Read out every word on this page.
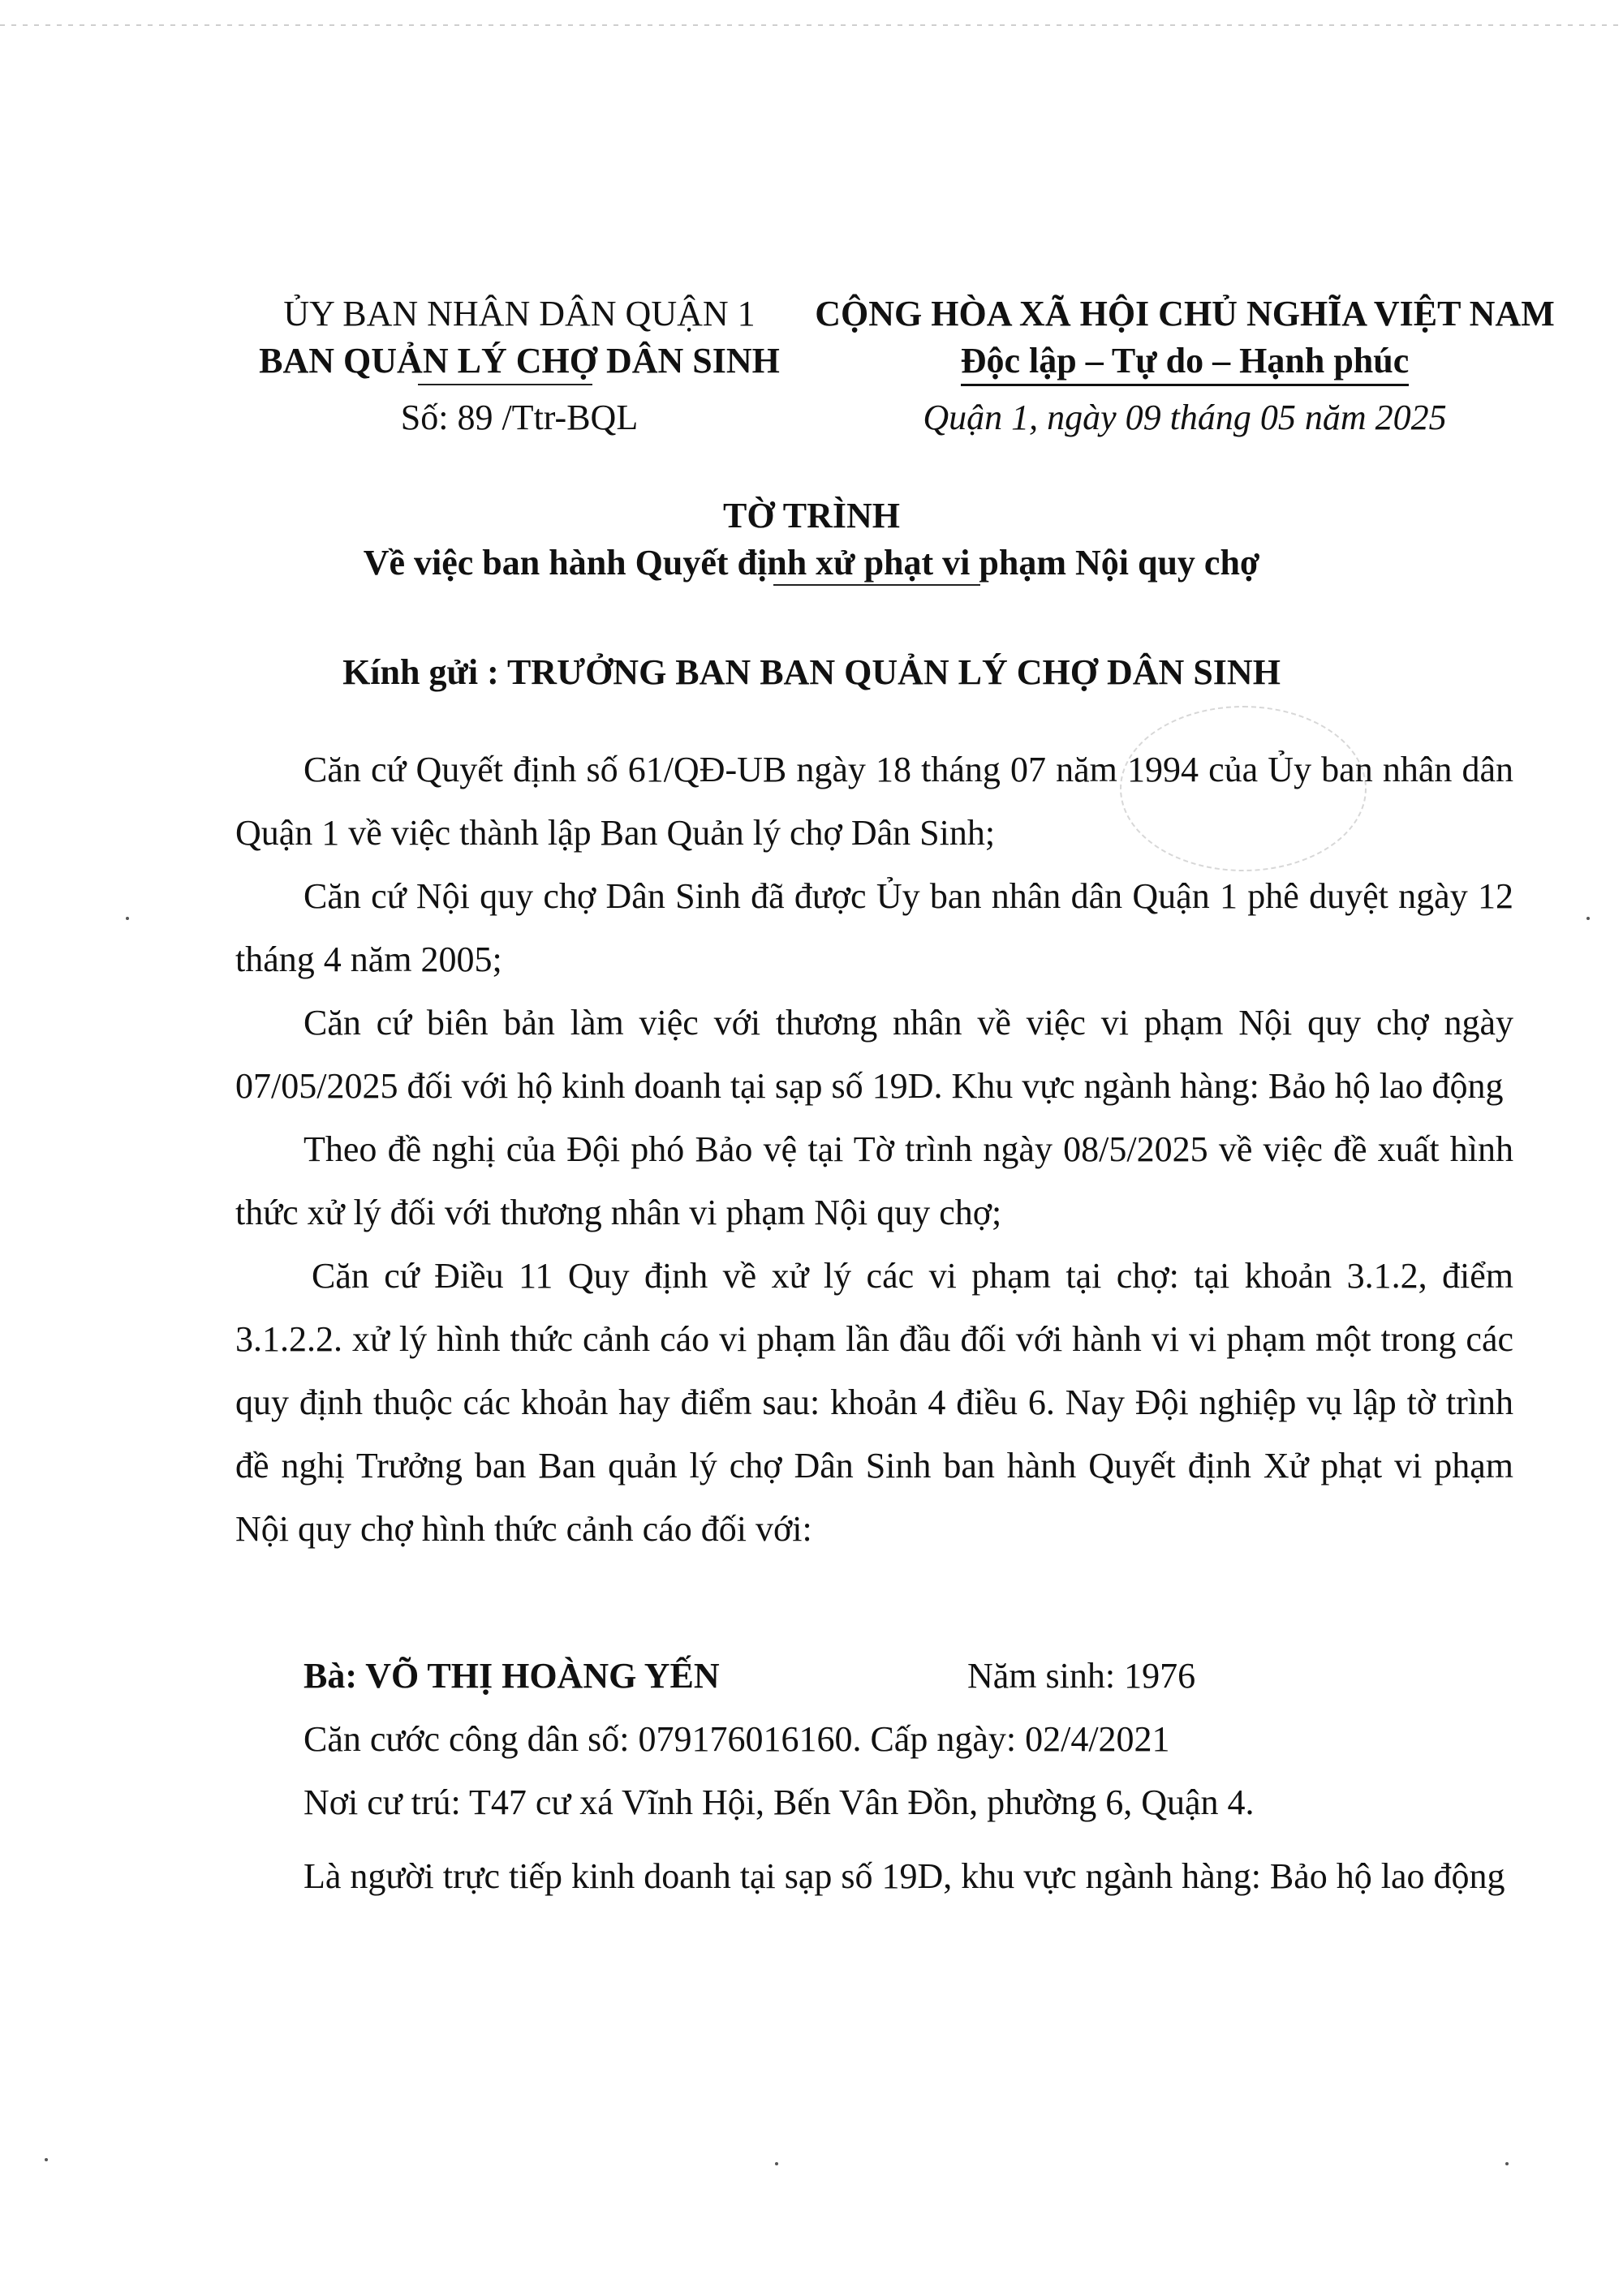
ỦY BAN NHÂN DÂN QUẬN 1
BAN QUẢN LÝ CHỢ DÂN SINH
Số: 89 /Ttr-BQL
CỘNG HÒA XÃ HỘI CHỦ NGHĨA VIỆT NAM
Độc lập – Tự do – Hạnh phúc
Quận 1, ngày 09 tháng 05 năm 2025
TỜ TRÌNH
Về việc ban hành Quyết định xử phạt vi phạm Nội quy chợ
Kính gửi : TRƯỞNG BAN BAN QUẢN LÝ CHỢ DÂN SINH

Căn cứ Quyết định số 61/QĐ-UB ngày 18 tháng 07 năm 1994 của Ủy ban nhân dân Quận 1 về việc thành lập Ban Quản lý chợ Dân Sinh;

Căn cứ Nội quy chợ Dân Sinh đã được Ủy ban nhân dân Quận 1 phê duyệt ngày 12 tháng 4 năm 2005;

Căn cứ biên bản làm việc với thương nhân về việc vi phạm Nội quy chợ ngày 07/05/2025 đối với hộ kinh doanh tại sạp số 19D. Khu vực ngành hàng: Bảo hộ lao động

Theo đề nghị của Đội phó Bảo vệ tại Tờ trình ngày 08/5/2025 về việc đề xuất hình thức xử lý đối với thương nhân vi phạm Nội quy chợ;

Căn cứ Điều 11 Quy định về xử lý các vi phạm tại chợ: tại khoản 3.1.2, điểm 3.1.2.2. xử lý hình thức cảnh cáo vi phạm lần đầu đối với hành vi vi phạm một trong các quy định thuộc các khoản hay điểm sau: khoản 4 điều 6. Nay Đội nghiệp vụ lập tờ trình đề nghị Trưởng ban Ban quản lý chợ Dân Sinh ban hành Quyết định Xử phạt vi phạm Nội quy chợ hình thức cảnh cáo đối với:

Bà: VÕ THỊ HOÀNG YẾN	Năm sinh: 1976
Căn cước công dân số: 079176016160. Cấp ngày: 02/4/2021
Nơi cư trú: T47 cư xá Vĩnh Hội, Bến Vân Đồn, phường 6, Quận 4.

Là người trực tiếp kinh doanh tại sạp số 19D, khu vực ngành hàng: Bảo hộ lao động
